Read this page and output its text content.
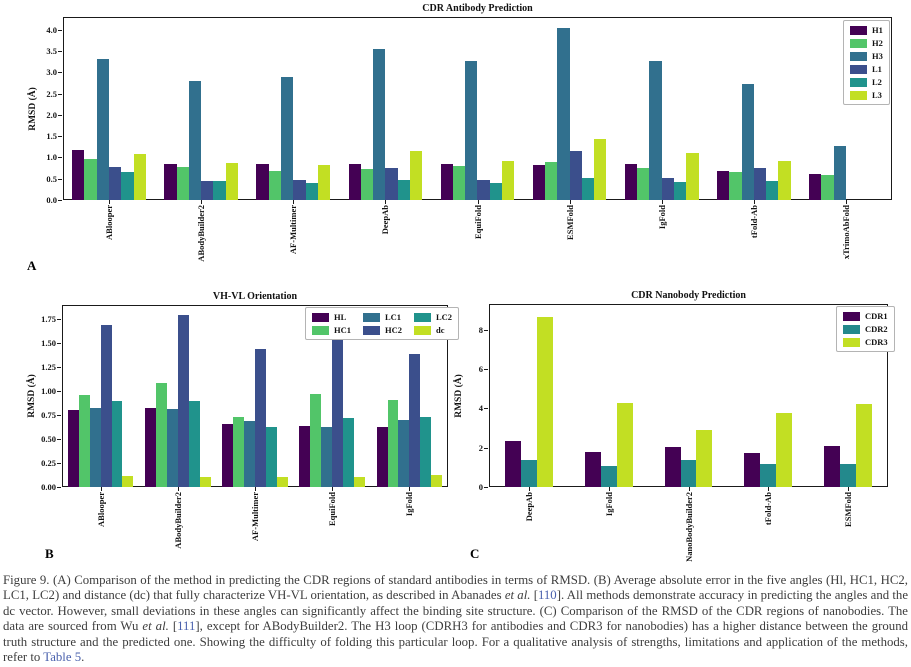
A
B	C
Figure 9. (A) Comparison of the method in predicting the CDR regions of standard antibodies in terms of RMSD. (B) Average absolute error in the five angles (Hl, HC1, HC2, LC1, LC2) and distance (dc) that fully characterize VH-VL orientation, as described in Abanades et al. [110]. All methods demonstrate accuracy in predicting the angles and the dc vector. However, small deviations in these angles can significantly affect the binding site structure. (C) Comparison of the RMSD of the CDR regions of nanobodies. The data are sourced from Wu et al. [111], except for ABodyBuilder2. The H3 loop (CDRH3 for antibodies and CDR3 for nanobodies) has a higher distance between the ground truth structure and the predicted one. Showing the difficulty of folding this particular loop. For a qualitative analysis of strengths, limitations and application of the methods, refer to Table 5.
CDR Antibody Prediction
RMSD (Å)
0.0
0.5
1.0
1.5
2.0
2.5
3.0
3.5
4.0
ABlooper	ABodyBuilder2	AF-Multimer	DeepAb	EquiFold	ESMFold	IgFold	tFold-Ab	xTrimoAbFold
H1
H2
H3
L1
L2
L3
VH-VL Orientation
RMSD (Å)
0.00
0.25
0.50
0.75
1.00
1.25
1.50
1.75
ABlooper	ABodyBuilder2	AF-Multimer	EquiFold	IgFold
HL
HC1
LC1
HC2
LC2
dc
CDR Nanobody Prediction
RMSD (Å)
0
2
4
6
8
DeepAb	IgFold	NanoBodyBuilder2	tFold-Ab	ESMFold
CDR1
CDR2
CDR3
